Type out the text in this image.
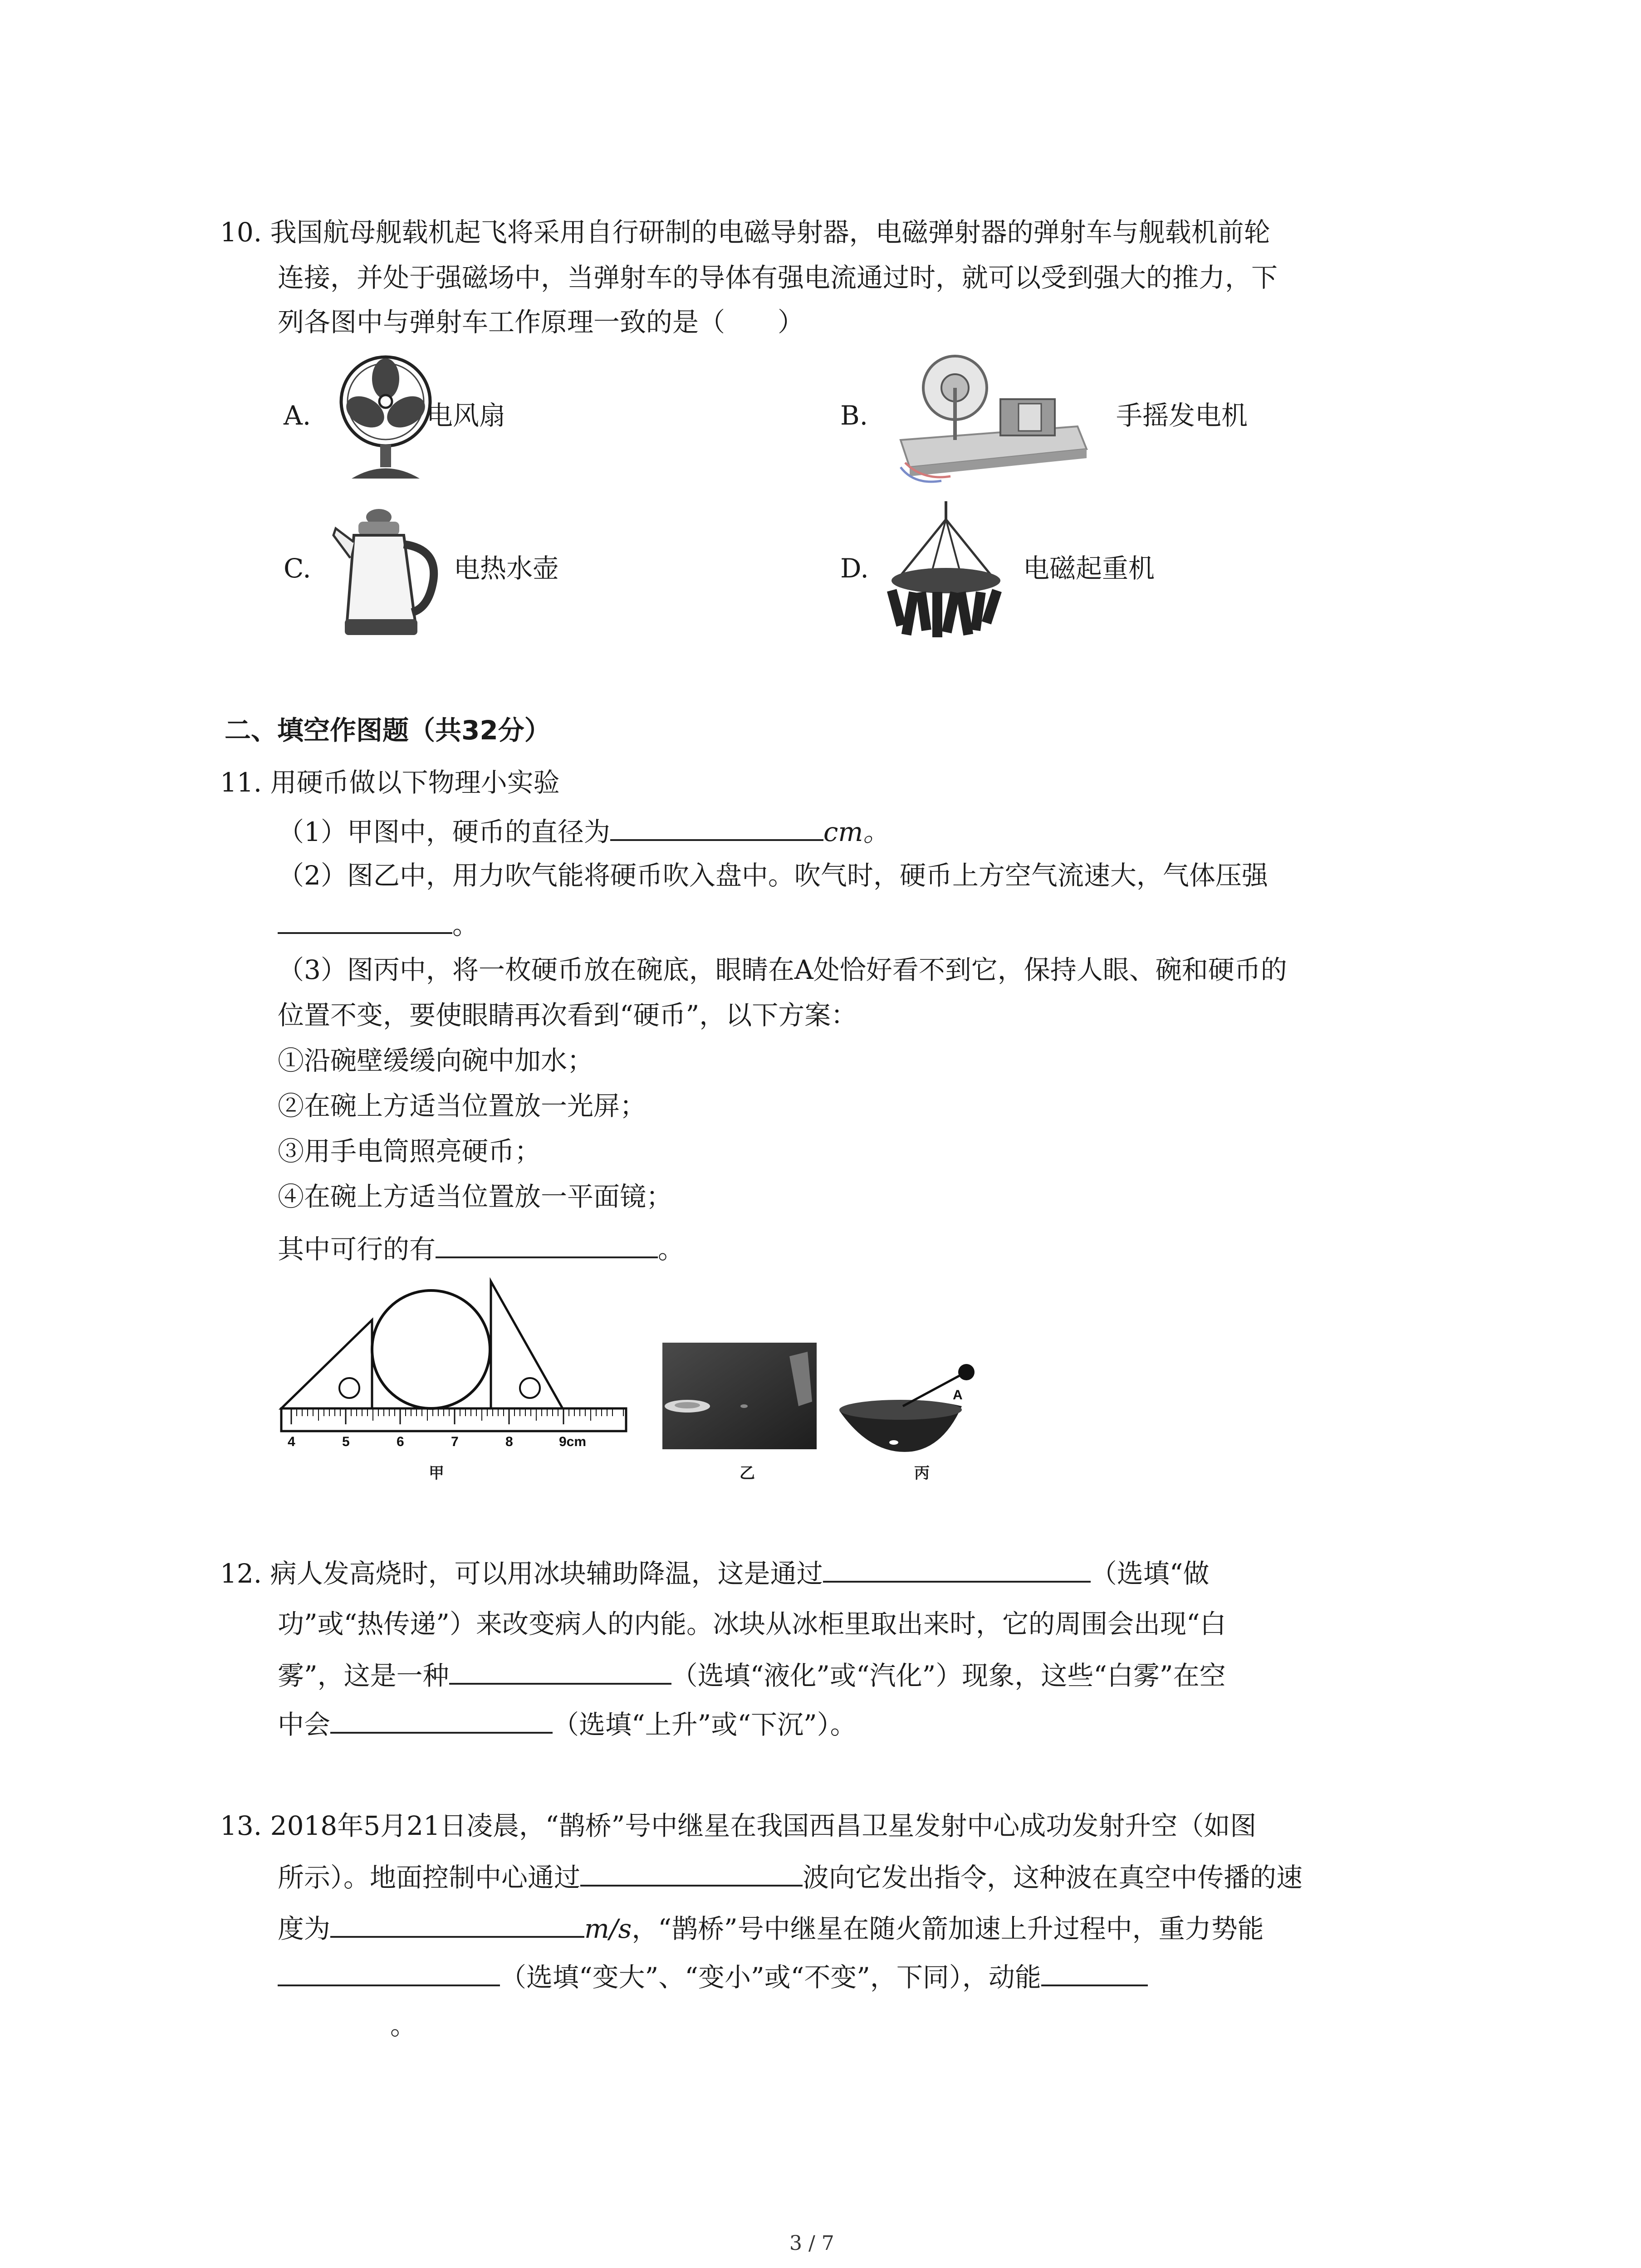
10. 我国航母舰载机起飞将采用自行研制的电磁导射器，电磁弹射器的弹射车与舰载机前轮
连接，并处于强磁场中，当弹射车的导体有强电流通过时，就可以受到强大的推力，下
列各图中与弹射车工作原理一致的是（　　）
A.	电风扇	B.	手摇发电机
C.	电热水壶	D.	电磁起重机
二、填空作图题（共32分）
11. 用硬币做以下物理小实验
（1）甲图中，硬币的直径为	cm。
（2）图乙中，用力吹气能将硬币吹入盘中。吹气时，硬币上方空气流速大，气体压强
。
（3）图丙中，将一枚硬币放在碗底，眼睛在A处恰好看不到它，保持人眼、碗和硬币的
位置不变，要使眼睛再次看到“硬币”，以下方案：
①沿碗壁缓缓向碗中加水；
②在碗上方适当位置放一光屏；
③用手电筒照亮硬币；
④在碗上方适当位置放一平面镜；
其中可行的有	。
4	5	6	7	8	9cm
甲	乙
A
丙
12. 病人发高烧时，可以用冰块辅助降温，这是通过	（选填“做
功”或“热传递”）来改变病人的内能。冰块从冰柜里取出来时，它的周围会出现“白
雾”，这是一种	（选填“液化”或“汽化”）现象，这些“白雾”在空
中会	（选填“上升”或“下沉”）。
13. 2018年5月21日凌晨，“鹊桥”号中继星在我国西昌卫星发射中心成功发射升空（如图
所示）。地面控制中心通过	波向它发出指令，这种波在真空中传播的速
度为	m/s，“鹊桥”号中继星在随火箭加速上升过程中，重力势能
（选填“变大”、“变小”或“不变”，下同），动能
。
3 / 7
